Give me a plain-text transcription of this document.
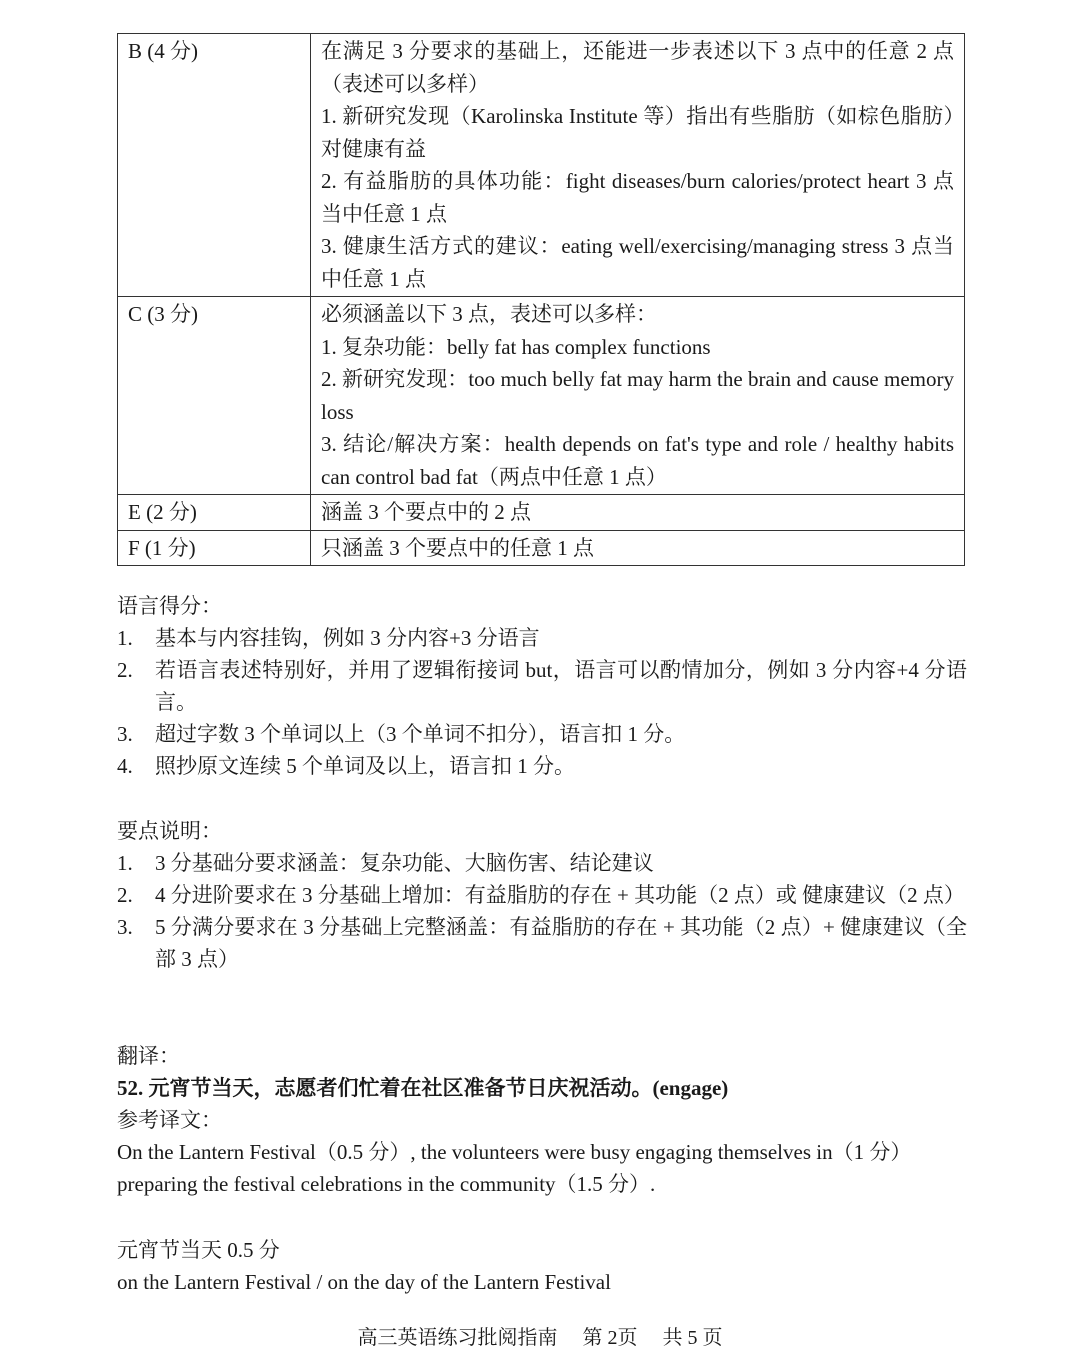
B (4 分)	在满足 3 分要求的基础上，还能进一步表述以下 3 点中的任意 2 点（表述可以多样）
1. 新研究发现（Karolinska Institute 等）指出有些脂肪（如棕色脂肪）对健康有益
2. 有益脂肪的具体功能：fight diseases/burn calories/protect heart 3 点当中任意 1 点
3. 健康生活方式的建议：eating well/exercising/managing stress 3 点当中任意 1 点

C (3 分)	必须涵盖以下 3 点，表述可以多样：
1. 复杂功能：belly fat has complex functions
2. 新研究发现：too much belly fat may harm the brain and cause memory loss
3. 结论/解决方案：health depends on fat's type and role / healthy habits can control bad fat（两点中任意 1 点）

E (2 分)	涵盖 3 个要点中的 2 点

F (1 分)	只涵盖 3 个要点中的任意 1 点

语言得分：

1. 基本与内容挂钩，例如 3 分内容+3 分语言
2. 若语言表述特别好，并用了逻辑衔接词 but，语言可以酌情加分，例如 3 分内容+4 分语言。
3. 超过字数 3 个单词以上（3 个单词不扣分），语言扣 1 分。
4. 照抄原文连续 5 个单词及以上，语言扣 1 分。

要点说明：

1. 3 分基础分要求涵盖：复杂功能、大脑伤害、结论建议
2. 4 分进阶要求在 3 分基础上增加：有益脂肪的存在 + 其功能（2 点）或 健康建议（2 点）
3. 5 分满分要求在 3 分基础上完整涵盖：有益脂肪的存在 + 其功能（2 点）+ 健康建议（全部 3 点）

翻译：

52. 元宵节当天，志愿者们忙着在社区准备节日庆祝活动。(engage)

参考译文：

On the Lantern Festival（0.5 分）, the volunteers were busy engaging themselves in（1 分）preparing the festival celebrations in the community（1.5 分）.

元宵节当天 0.5 分

on the Lantern Festival / on the day of the Lantern Festival

高三英语练习批阅指南 第 2页 共 5 页
